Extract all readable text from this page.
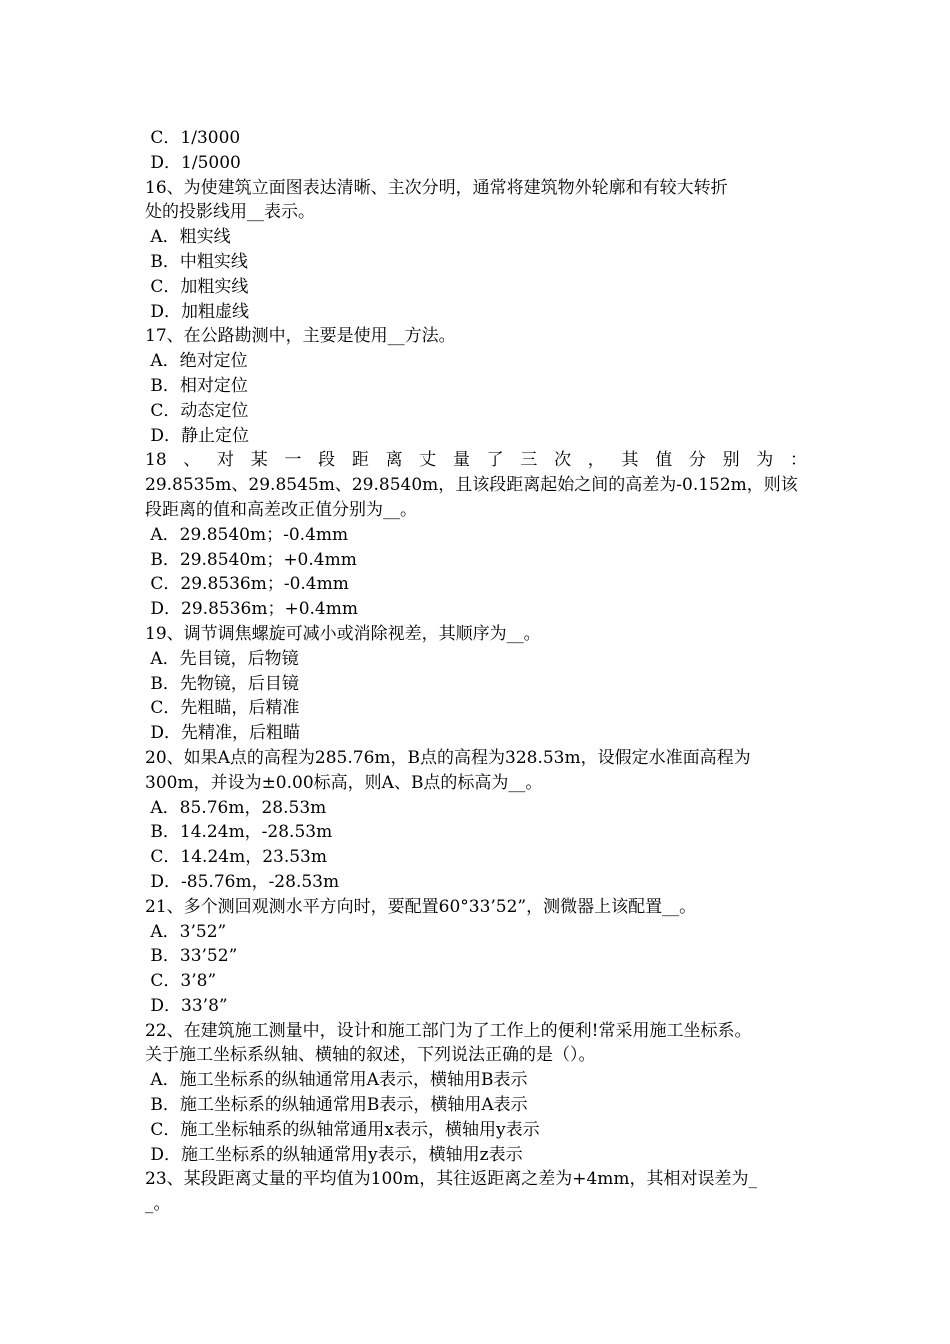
C．1/3000
D．1/5000
16、为使建筑立面图表达清晰、主次分明，通常将建筑物外轮廓和有较大转折
处的投影线用__表示。
A．粗实线
B．中粗实线
C．加粗实线
D．加粗虚线
17、在公路勘测中，主要是使用__方法。
A．绝对定位
B．相对定位
C．动态定位
D．静止定位
18 、 对 某 一 段 距 离 丈 量 了 三 次 ， 其 值 分 别 为 ：
29.8535m、29.8545m、29.8540m，且该段距离起始之间的高差为-0.152m，则该
段距离的值和高差改正值分别为__。
A．29.8540m；-0.4mm
B．29.8540m；+0.4mm
C．29.8536m；-0.4mm
D．29.8536m；+0.4mm
19、调节调焦螺旋可减小或消除视差，其顺序为__。
A．先目镜，后物镜
B．先物镜，后目镜
C．先粗瞄，后精准
D．先精准，后粗瞄
20、如果A点的高程为285.76m，B点的高程为328.53m，设假定水准面高程为
300m，并设为±0.00标高，则A、B点的标高为__。
A．85.76m，28.53m
B．14.24m，-28.53m
C．14.24m，23.53m
D．-85.76m，-28.53m
21、多个测回观测水平方向时，要配置60°33’52”，测微器上该配置__。
A．3’52”
B．33’52”
C．3’8”
D．33’8”
22、在建筑施工测量中，设计和施工部门为了工作上的便利!常采用施工坐标系。
关于施工坐标系纵轴、横轴的叙述，下列说法正确的是（）。
A．施工坐标系的纵轴通常用A表示，横轴用B表示
B．施工坐标系的纵轴通常用B表示，横轴用A表示
C．施工坐标轴系的纵轴常通用x表示，横轴用y表示
D．施工坐标系的纵轴通常用y表示，横轴用z表示
23、某段距离丈量的平均值为100m，其往返距离之差为+4mm，其相对误差为_
_。
